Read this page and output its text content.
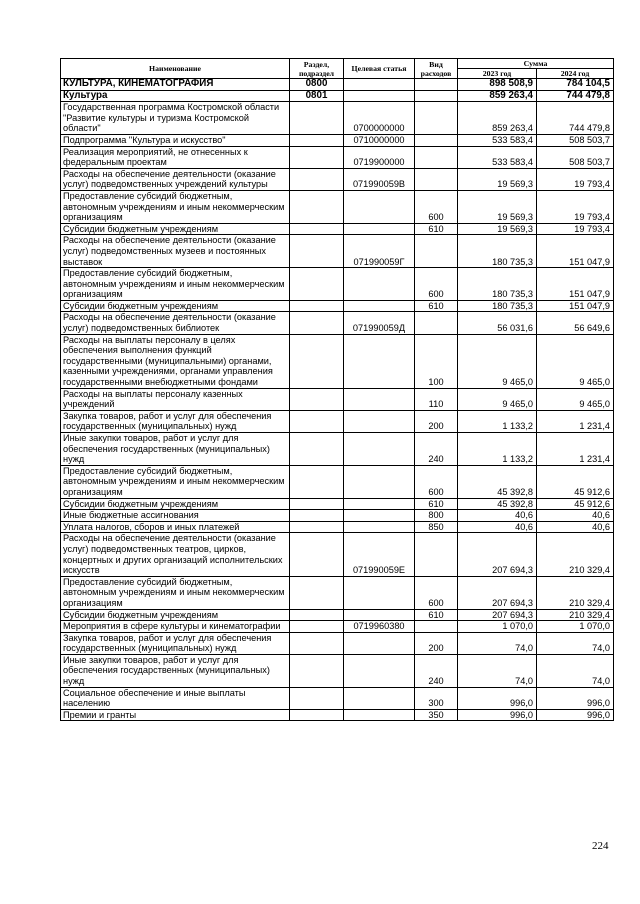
Наименование	Раздел, подраздел	Целевая статья	Вид расходов	Сумма	
				2023 год	2024 год
КУЛЬТУРА, КИНЕМАТОГРАФИЯ	0800			898 508,9	784 104,5
Культура	0801			859 263,4	744 479,8
Государственная программа Костромской области "Развитие культуры и туризма Костромской области"		0700000000		859 263,4	744 479,8
Подпрограмма "Культура и искусство"		0710000000		533 583,4	508 503,7
Реализация мероприятий, не отнесенных к федеральным проектам		0719900000		533 583,4	508 503,7
Расходы на обеспечение деятельности (оказание услуг) подведомственных учреждений культуры		071990059В		19 569,3	19 793,4
Предоставление субсидий бюджетным, автономным учреждениям и иным некоммерческим организациям			600	19 569,3	19 793,4
Субсидии бюджетным учреждениям			610	19 569,3	19 793,4
Расходы на обеспечение деятельности (оказание услуг) подведомственных музеев и постоянных выставок		071990059Г		180 735,3	151 047,9
Предоставление субсидий бюджетным, автономным учреждениям и иным некоммерческим организациям			600	180 735,3	151 047,9
Субсидии бюджетным учреждениям			610	180 735,3	151 047,9
Расходы на обеспечение деятельности (оказание услуг) подведомственных библиотек		071990059Д		56 031,6	56 649,6
Расходы на выплаты персоналу в целях обеспечения выполнения функций государственными (муниципальными) органами, казенными учреждениями, органами управления государственными внебюджетными фондами			100	9 465,0	9 465,0
Расходы на выплаты персоналу казенных учреждений			110	9 465,0	9 465,0
Закупка товаров, работ и услуг для обеспечения государственных (муниципальных) нужд			200	1 133,2	1 231,4
Иные закупки товаров, работ и услуг для обеспечения государственных (муниципальных) нужд			240	1 133,2	1 231,4
Предоставление субсидий бюджетным, автономным учреждениям и иным некоммерческим организациям			600	45 392,8	45 912,6
Субсидии бюджетным учреждениям			610	45 392,8	45 912,6
Иные бюджетные ассигнования			800	40,6	40,6
Уплата налогов, сборов и иных платежей			850	40,6	40,6
Расходы на обеспечение деятельности (оказание услуг) подведомственных театров, цирков, концертных и других организаций исполнительских искусств		071990059Е		207 694,3	210 329,4
Предоставление субсидий бюджетным, автономным учреждениям и иным некоммерческим организациям			600	207 694,3	210 329,4
Субсидии бюджетным учреждениям			610	207 694,3	210 329,4
Мероприятия в сфере культуры и кинематографии		0719960380		1 070,0	1 070,0
Закупка товаров, работ и услуг для обеспечения государственных (муниципальных) нужд			200	74,0	74,0
Иные закупки товаров, работ и услуг для обеспечения государственных (муниципальных) нужд			240	74,0	74,0
Социальное обеспечение и иные выплаты населению			300	996,0	996,0
Премии и гранты			350	996,0	996,0
224
